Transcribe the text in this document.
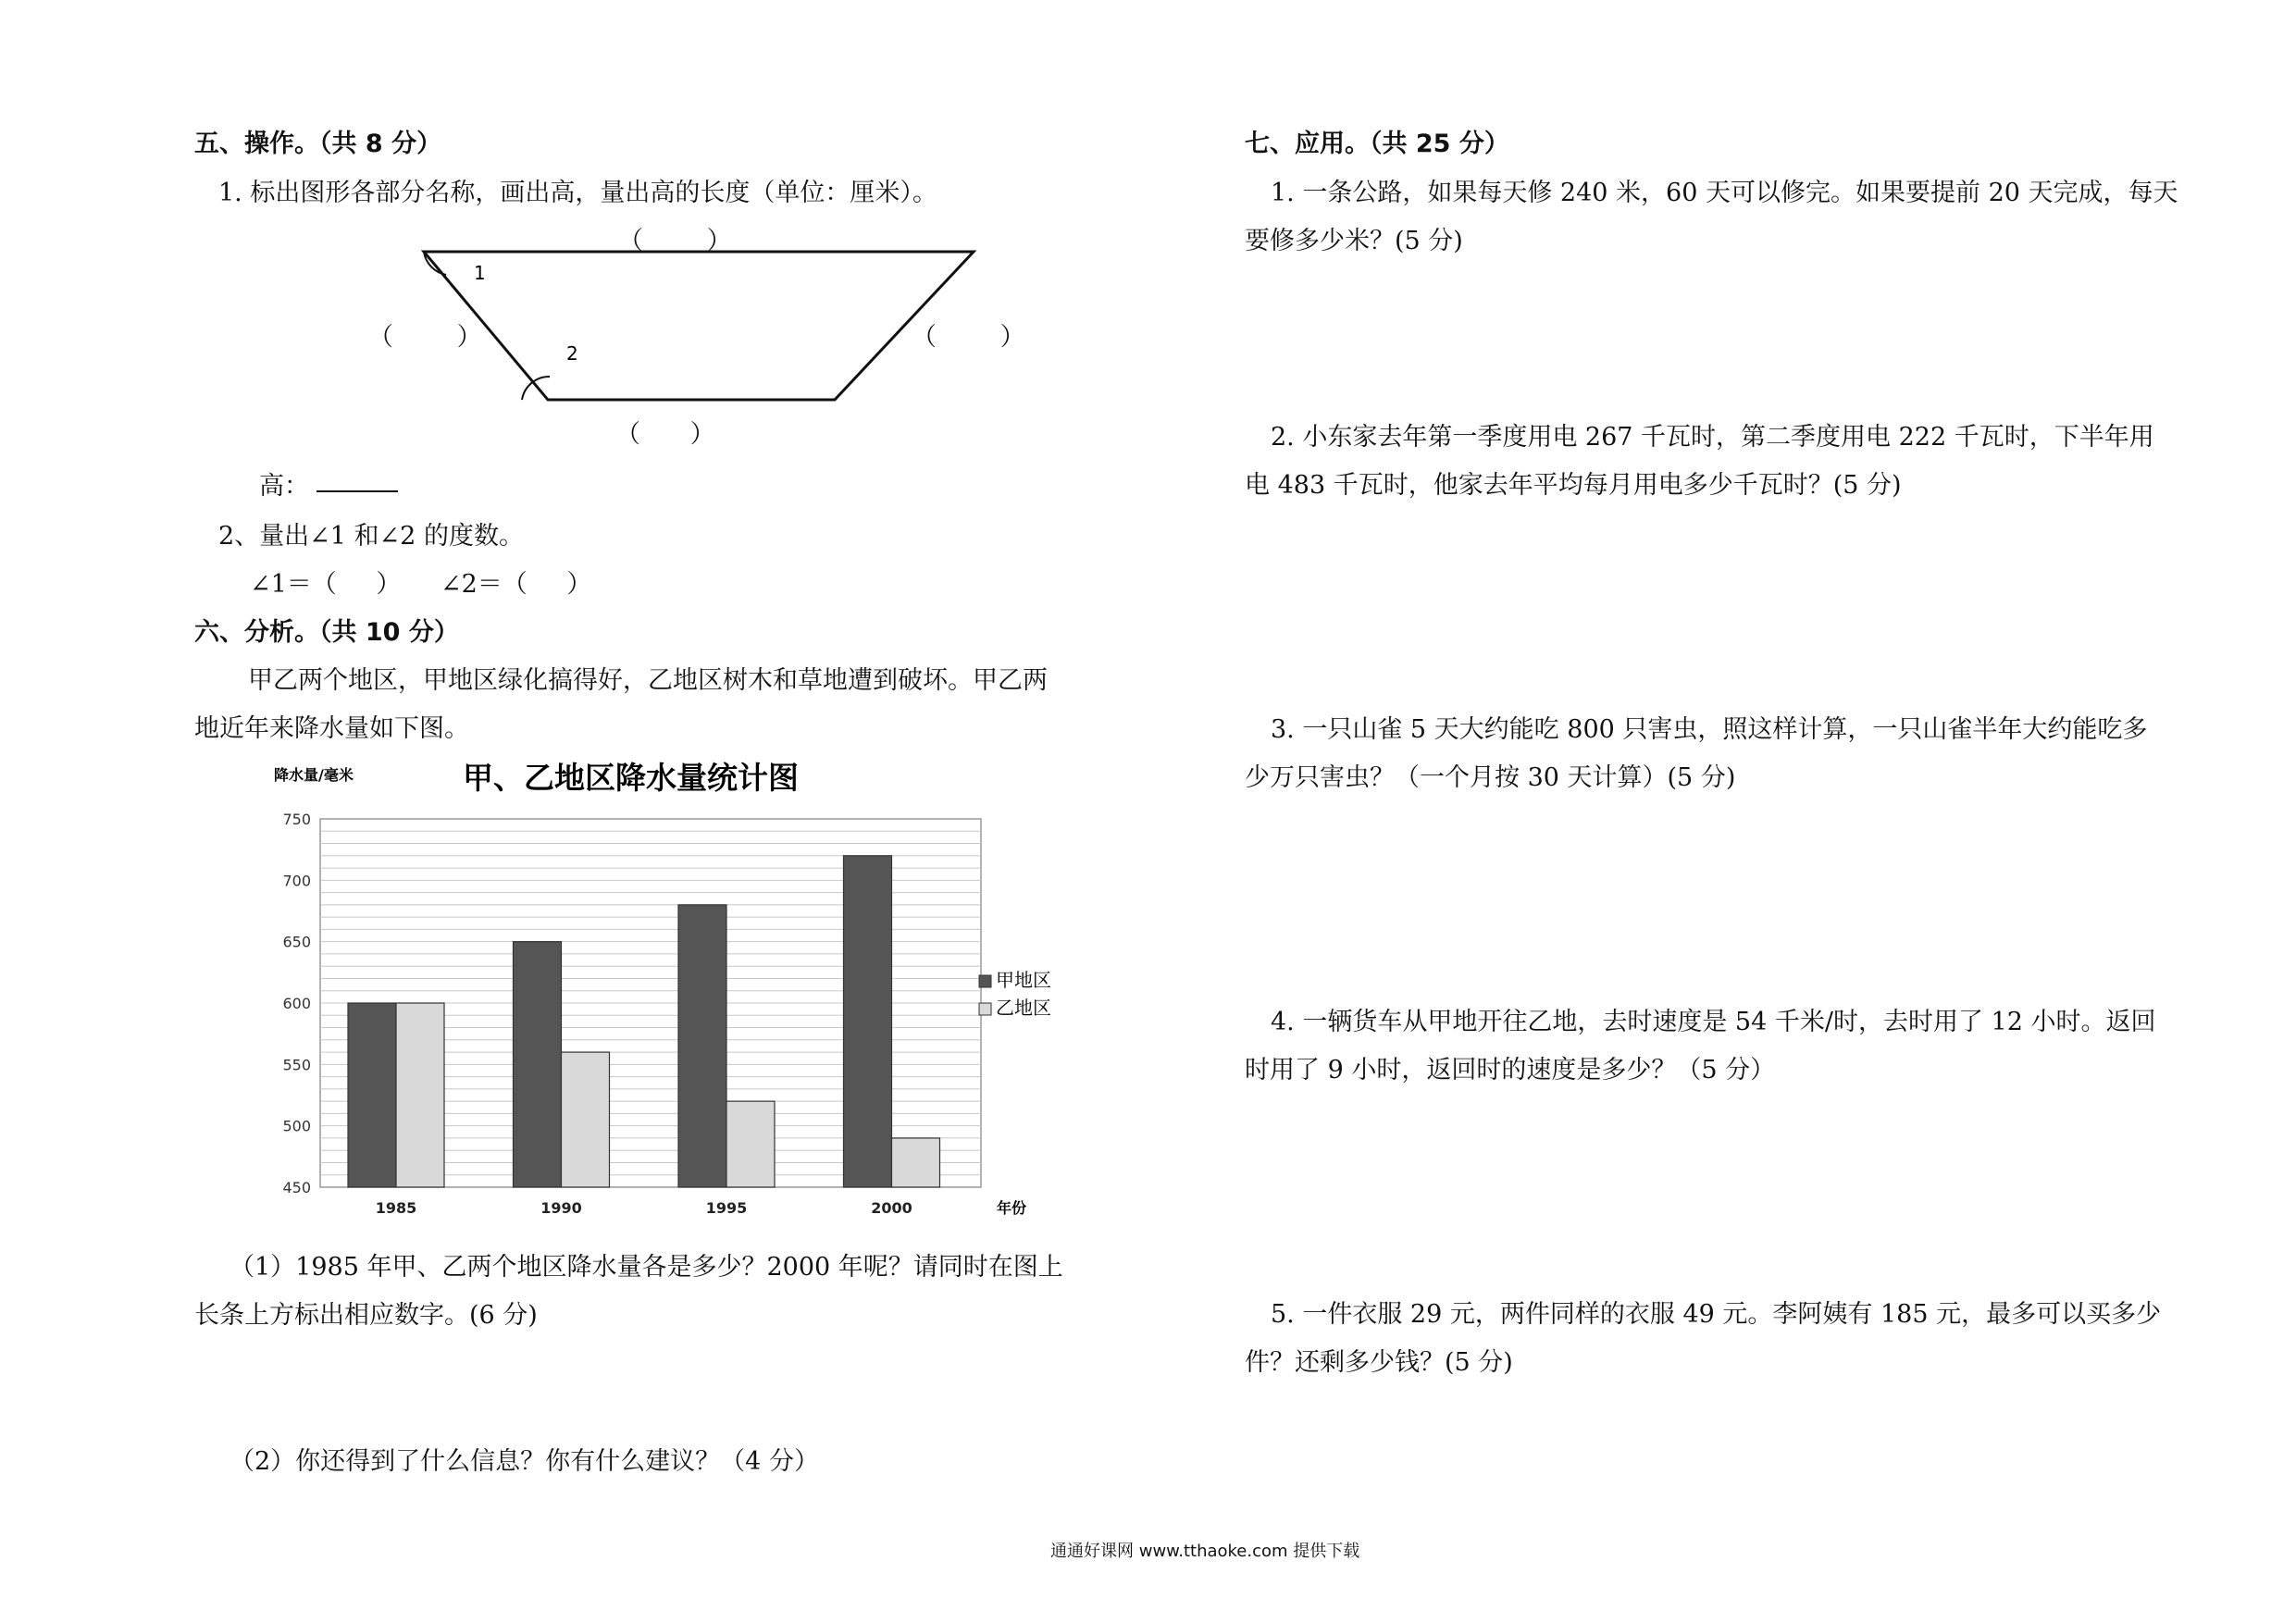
五、操作。（共 8 分）
1. 标出图形各部分名称，画出高，量出高的长度（单位：厘米）。
1
2
（ ）
（ ）	（ ）
（ ）
高：
2、量出∠1 和∠2 的度数。
∠1＝（ ） ∠2＝（ ）
六、分析。（共 10 分）
甲乙两个地区，甲地区绿化搞得好，乙地区树木和草地遭到破坏。甲乙两
地近年来降水量如下图。
降水量/毫米	甲、乙地区降水量统计图
750
700
650
600
550
500
450
1985	1990	1995	2000
甲地区
乙地区
年份
（1）1985 年甲、乙两个地区降水量各是多少？2000 年呢？请同时在图上
长条上方标出相应数字。(6 分)
（2）你还得到了什么信息？你有什么建议？（4 分）
七、应用。（共 25 分）
1. 一条公路，如果每天修 240 米，60 天可以修完。如果要提前 20 天完成，每天
要修多少米？(5 分)
2. 小东家去年第一季度用电 267 千瓦时，第二季度用电 222 千瓦时，下半年用
电 483 千瓦时，他家去年平均每月用电多少千瓦时？(5 分)
3. 一只山雀 5 天大约能吃 800 只害虫，照这样计算，一只山雀半年大约能吃多
少万只害虫？（一个月按 30 天计算）(5 分)
4. 一辆货车从甲地开往乙地，去时速度是 54 千米/时，去时用了 12 小时。返回
时用了 9 小时，返回时的速度是多少？（5 分）
5. 一件衣服 29 元，两件同样的衣服 49 元。李阿姨有 185 元，最多可以买多少
件？还剩多少钱？(5 分)
通通好课网 www.tthaoke.com 提供下载
